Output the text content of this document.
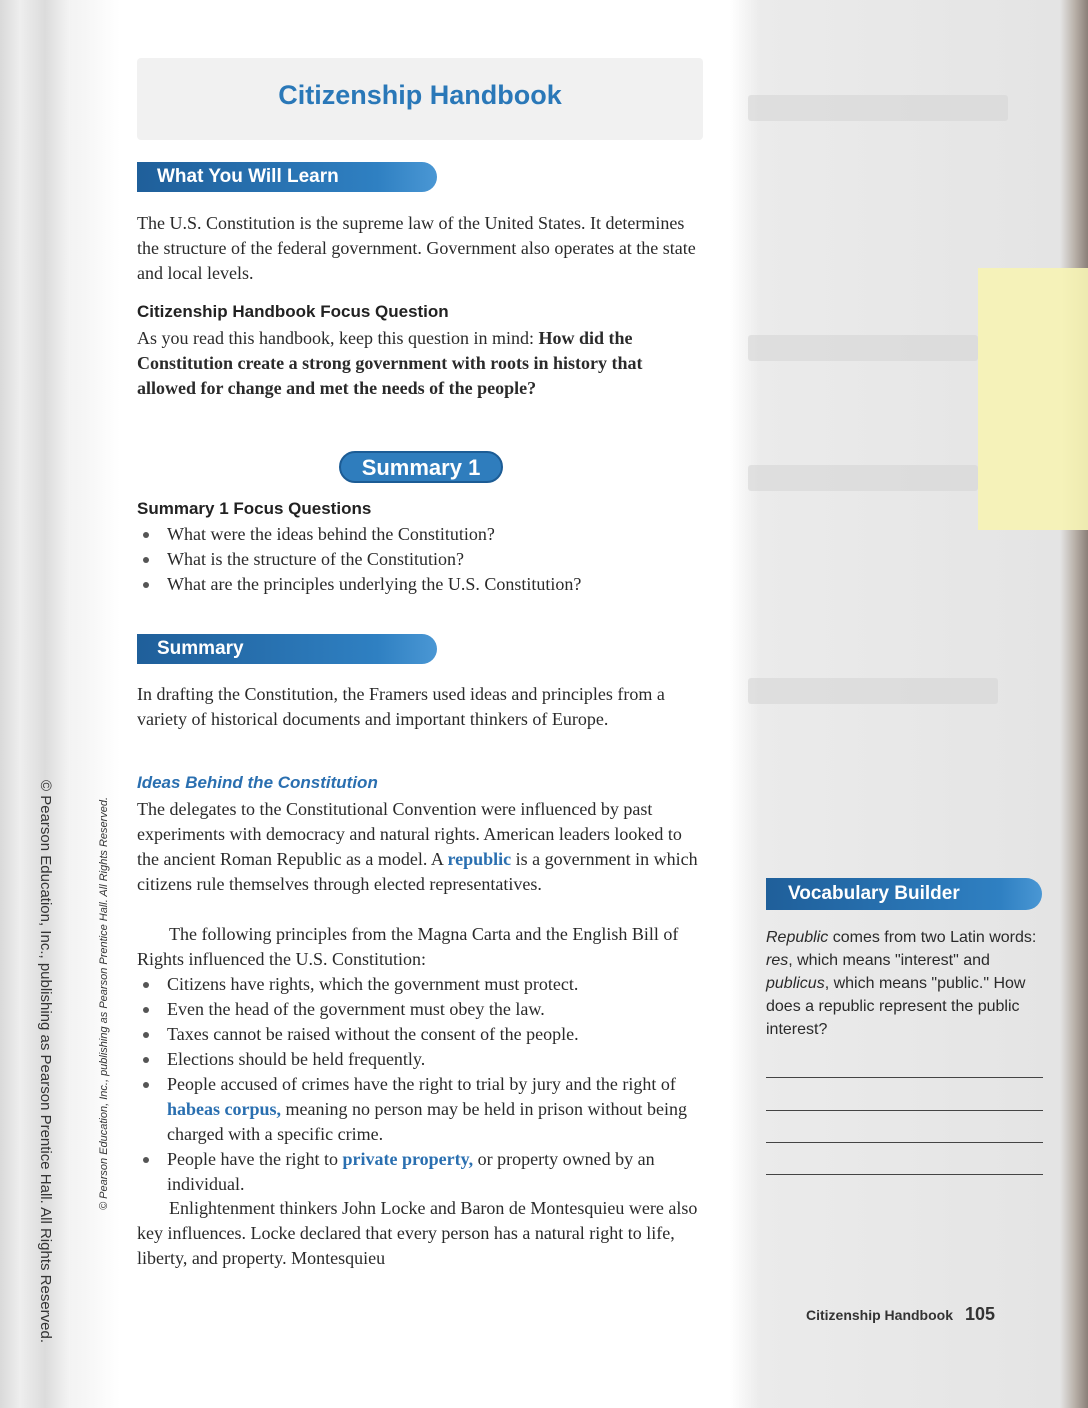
© Pearson Education, Inc., publishing as Pearson Prentice Hall. All Rights Reserved.	© Pearson Education, Inc., publishing as Pearson Prentice Hall. All Rights Reserved.
Citizenship Handbook
What You Will Learn

The U.S. Constitution is the supreme law of the United States. It determines the structure of the federal government. Government also operates at the state and local levels.

Citizenship Handbook Focus Question

As you read this handbook, keep this question in mind: How did the Constitution create a strong government with roots in history that allowed for change and met the needs of the people?

Summary 1
Summary 1 Focus Questions
What were the ideas behind the Constitution?
What is the structure of the Constitution?
What are the principles underlying the U.S. Constitution?
Summary

In drafting the Constitution, the Framers used ideas and principles from a variety of historical documents and important thinkers of Europe.

Ideas Behind the Constitution

The delegates to the Constitutional Convention were influenced by past experiments with democracy and natural rights. American leaders looked to the ancient Roman Republic as a model. A republic is a government in which citizens rule themselves through elected representatives.

The following principles from the Magna Carta and the English Bill of Rights influenced the U.S. Constitution:

Citizens have rights, which the government must protect.
Even the head of the government must obey the law.
Taxes cannot be raised without the consent of the people.
Elections should be held frequently.
People accused of crimes have the right to trial by jury and the right of habeas corpus, meaning no person may be held in prison without being charged with a specific crime.
People have the right to private property, or property owned by an individual.

Enlightenment thinkers John Locke and Baron de Montesquieu were also key influences. Locke declared that every person has a natural right to life, liberty, and property. Montesquieu

Vocabulary Builder

Republic comes from two Latin words: res, which means "interest" and publicus, which means "public." How does a republic represent the public interest?

Citizenship Handbook 105
